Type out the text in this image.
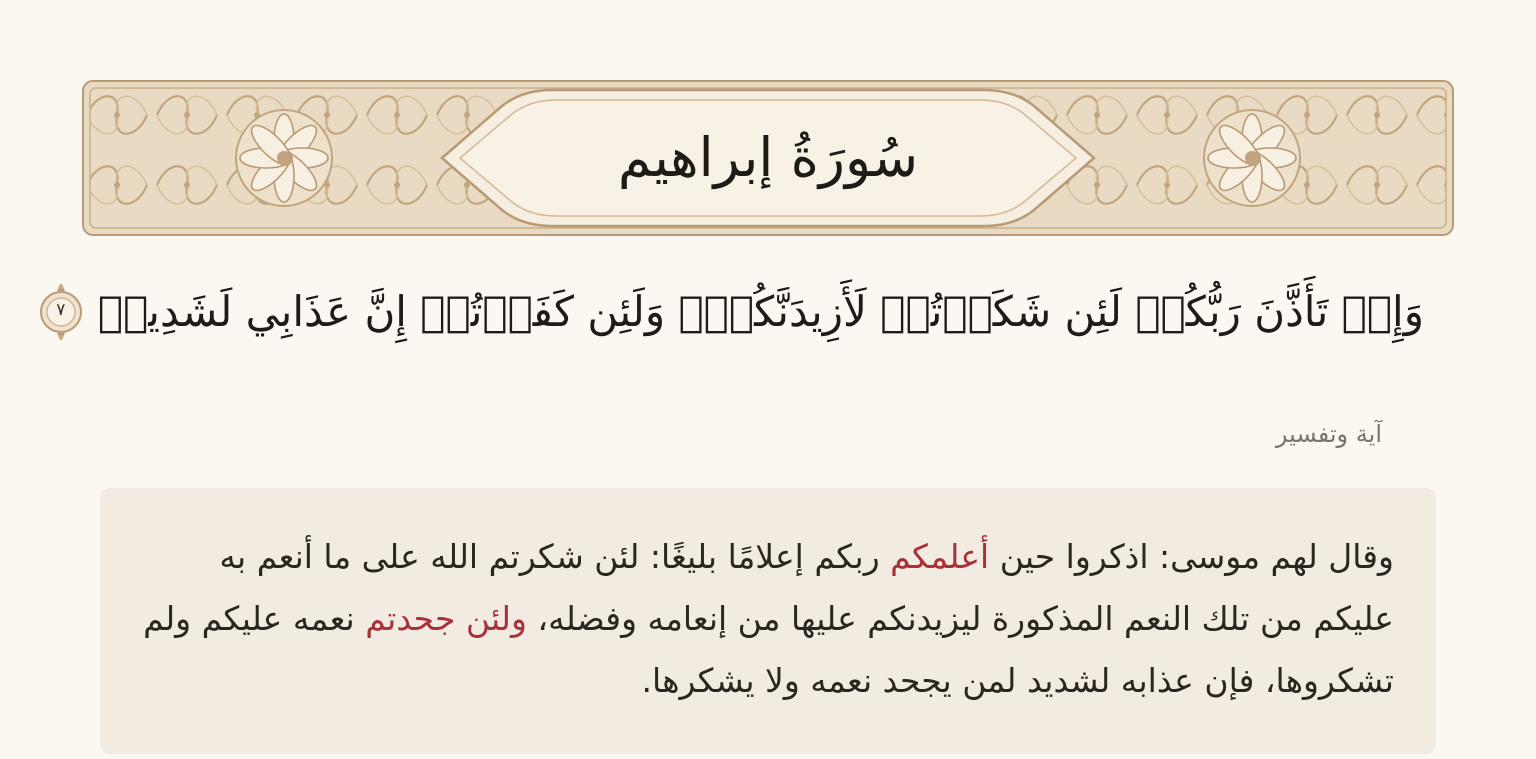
سُورَةُ إبراهيم
وَإِذۡ تَأَذَّنَ رَبُّكُمۡ لَئِن شَكَرۡتُمۡ لَأَزِيدَنَّكُمۡۖ وَلَئِن كَفَرۡتُمۡ إِنَّ عَذَابِي لَشَدِيدٞ
٧
آية وتفسير

وقال لهم موسى: اذكروا حين أعلمكم ربكم إعلامًا بليغًا: لئن شكرتم الله على ما أنعم به عليكم من تلك النعم المذكورة ليزيدنكم عليها من إنعامه وفضله، ولئن جحدتم نعمه عليكم ولم تشكروها، فإن عذابه لشديد لمن يجحد نعمه ولا يشكرها.
